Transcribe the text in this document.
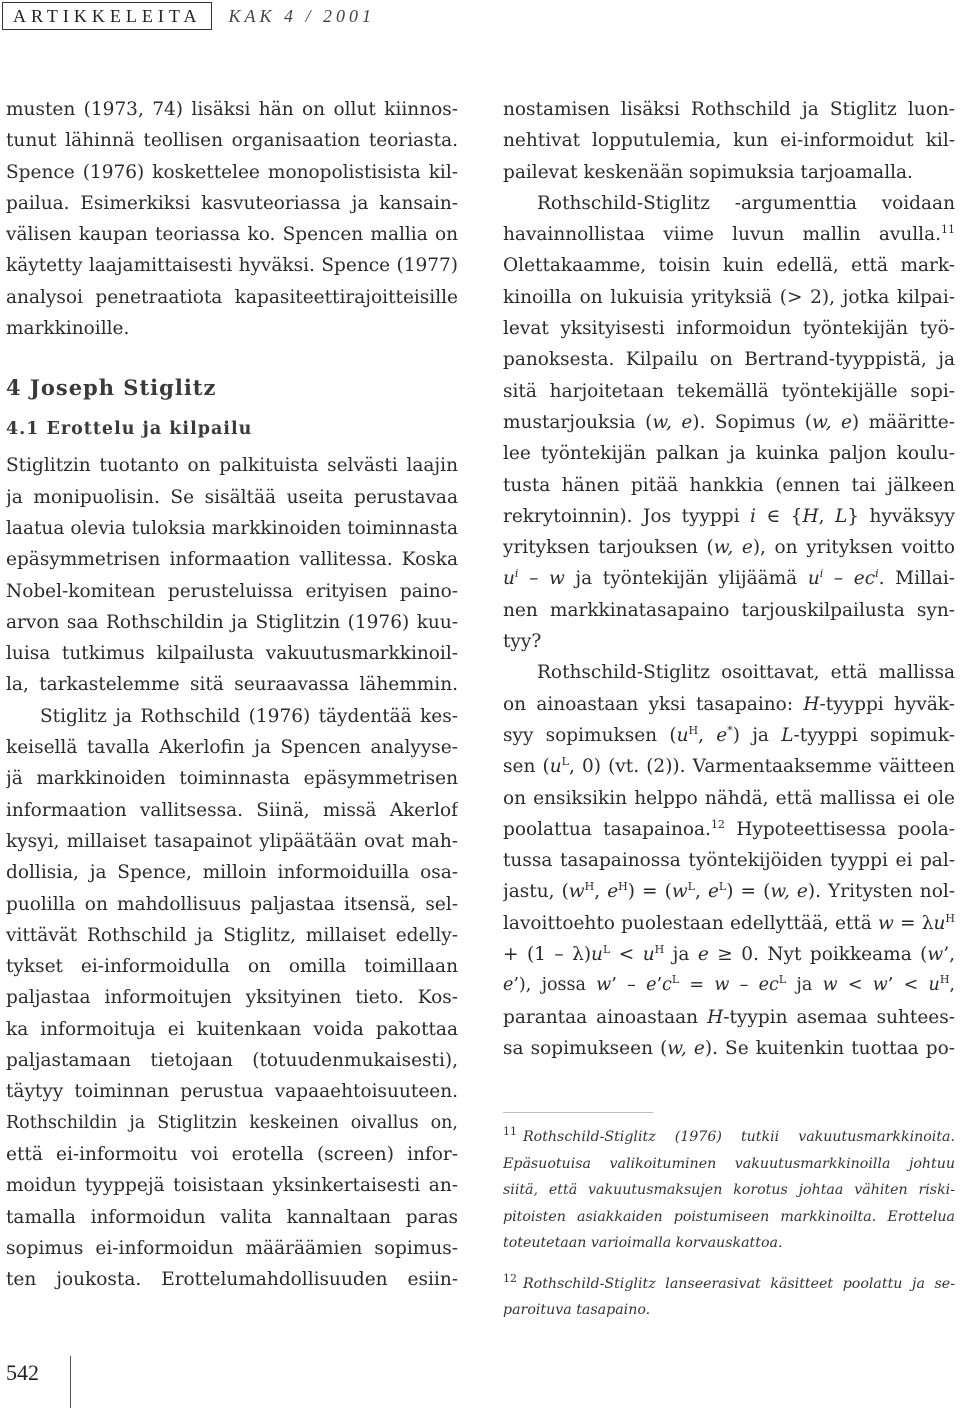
ARTIKKELEITA	KAK 4 / 2001
musten (1973, 74) lisäksi hän on ollut kiinnos-
tunut lähinnä teollisen organisaation teoriasta.
Spence (1976) koskettelee monopolistisista kil-
pailua. Esimerkiksi kasvuteoriassa ja kansain-
välisen kaupan teoriassa ko. Spencen mallia on
käytetty laajamittaisesti hyväksi. Spence (1977)
analysoi penetraatiota kapasiteettirajoitteisille
markkinoille.
4 Joseph Stiglitz
4.1 Erottelu ja kilpailu
Stiglitzin tuotanto on palkituista selvästi laajin
ja monipuolisin. Se sisältää useita perustavaa
laatua olevia tuloksia markkinoiden toiminnasta
epäsymmetrisen informaation vallitessa. Koska
Nobel-komitean perusteluissa erityisen paino-
arvon saa Rothschildin ja Stiglitzin (1976) kuu-
luisa tutkimus kilpailusta vakuutusmarkkinoil-
la, tarkastelemme sitä seuraavassa lähemmin.
Stiglitz ja Rothschild (1976) täydentää kes-
keisellä tavalla Akerlofin ja Spencen analyyse-
jä markkinoiden toiminnasta epäsymmetrisen
informaation vallitsessa. Siinä, missä Akerlof
kysyi, millaiset tasapainot ylipäätään ovat mah-
dollisia, ja Spence, milloin informoiduilla osa-
puolilla on mahdollisuus paljastaa itsensä, sel-
vittävät Rothschild ja Stiglitz, millaiset edelly-
tykset ei-informoidulla on omilla toimillaan
paljastaa informoitujen yksityinen tieto. Kos-
ka informoituja ei kuitenkaan voida pakottaa
paljastamaan tietojaan (totuudenmukaisesti),
täytyy toiminnan perustua vapaaehtoisuuteen.
Rothschildin ja Stiglitzin keskeinen oivallus on,
että ei-informoitu voi erotella (screen) infor-
moidun tyyppejä toisistaan yksinkertaisesti an-
tamalla informoidun valita kannaltaan paras
sopimus ei-informoidun määräämien sopimus-
ten joukosta. Erottelumahdollisuuden esiin-
nostamisen lisäksi Rothschild ja Stiglitz luon-
nehtivat lopputulemia, kun ei-informoidut kil-
pailevat keskenään sopimuksia tarjoamalla.
Rothschild-Stiglitz -argumenttia voidaan
havainnollistaa viime luvun mallin avulla.$^{11}$
Olettakaamme, toisin kuin edellä, että mark-
kinoilla on lukuisia yrityksiä (> 2), jotka kilpai-
levat yksityisesti informoidun työntekijän työ-
panoksesta. Kilpailu on Bertrand-tyyppistä, ja
sitä harjoitetaan tekemällä työntekijälle sopi-
mustarjouksia (w, e). Sopimus (w, e) määritte-
lee työntekijän palkan ja kuinka paljon koulu-
tusta hänen pitää hankkia (ennen tai jälkeen
rekrytoinnin). Jos tyyppi i ∈ {H, L} hyväksyy
yrityksen tarjouksen (w, e), on yrityksen voitto
$u^i$ – w ja työntekijän ylijäämä $u^i - ec^i$. Millai-
nen markkinatasapaino tarjouskilpailusta syn-
tyy?
Rothschild-Stiglitz osoittavat, että mallissa
on ainoastaan yksi tasapaino: H-tyyppi hyväk-
syy sopimuksen ($u^H$, e*) ja L-tyyppi sopimuk-
sen ($u^L$, 0) (vt. (2)). Varmentaaksemme väitteen
on ensiksikin helppo nähdä, että mallissa ei ole
poolattua tasapainoa.$^{12}$ Hypoteettisessa poola-
tussa tasapainossa työntekijöiden tyyppi ei pal-
jastu, ($w^H$, $e^H) = (w^L$, $e^L) = (w$, e). Yritysten nol-
lavoittoehto puolestaan edellyttää, että $w = \lambda u^H$
+ $(1 - \lambda)u^L < u^H$ ja e ≥ 0. Nyt poikkeama (w’,
e’), jossa w’ – $e’c^L = w - ec^L$ ja w < w’ < $u^H$,
parantaa ainoastaan H-tyypin asemaa suhtees-
sa sopimukseen (w, e). Se kuitenkin tuottaa po-
$^{11}$ Rothschild-Stiglitz (1976) tutkii vakuutusmarkkinoita.
Epäsuotuisa valikoituminen vakuutusmarkkinoilla johtuu
siitä, että vakuutusmaksujen korotus johtaa vähiten riski-
pitoisten asiakkaiden poistumiseen markkinoilta. Erottelua
toteutetaan varioimalla korvauskattoa.
$^{12}$ Rothschild-Stiglitz lanseerasivat käsitteet poolattu ja se-
paroituva tasapaino.
542
